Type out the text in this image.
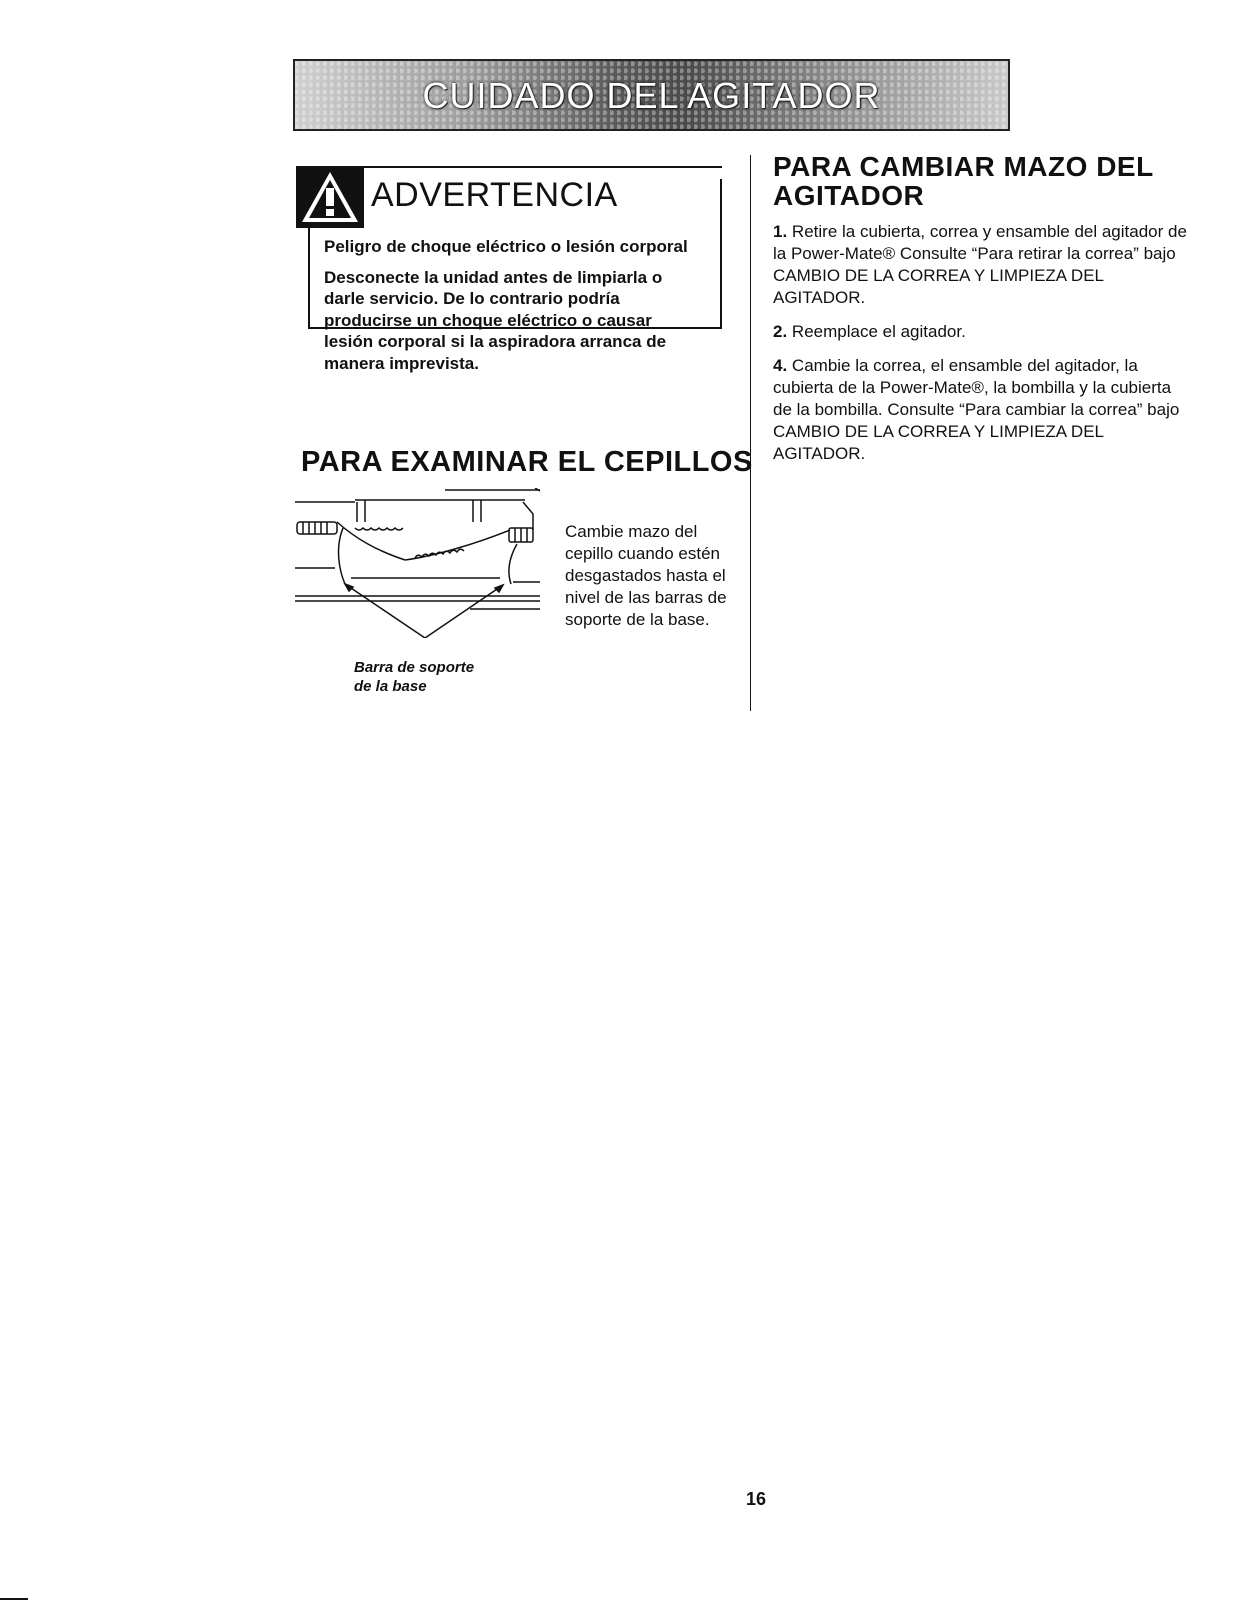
CUIDADO DEL AGITADOR
ADVERTENCIA

Peligro de choque eléctrico o lesión corporal

Desconecte la unidad antes de limpiarla o darle servicio. De lo contrario podría producirse un choque eléctrico o causar lesión corporal si la aspiradora arranca de manera imprevista.

PARA EXAMINAR EL CEPILLOS
Cambie mazo del cepillo cuando estén desgastados hasta el nivel de las barras de soporte de la base.
Barra de soporte
de la base
PARA CAMBIAR MAZO DEL AGITADOR

1. Retire la cubierta, correa y ensamble del agitador de la Power-Mate® Consulte “Para retirar la correa” bajo CAMBIO DE LA CORREA Y LIMPIEZA DEL AGITADOR.

2. Reemplace el agitador.

4. Cambie la correa, el ensamble del agitador, la cubierta de la Power-Mate®, la bombilla y la cubierta de la bombilla. Consulte “Para cambiar la correa” bajo CAMBIO DE LA CORREA Y LIMPIEZA DEL AGITADOR.

16
